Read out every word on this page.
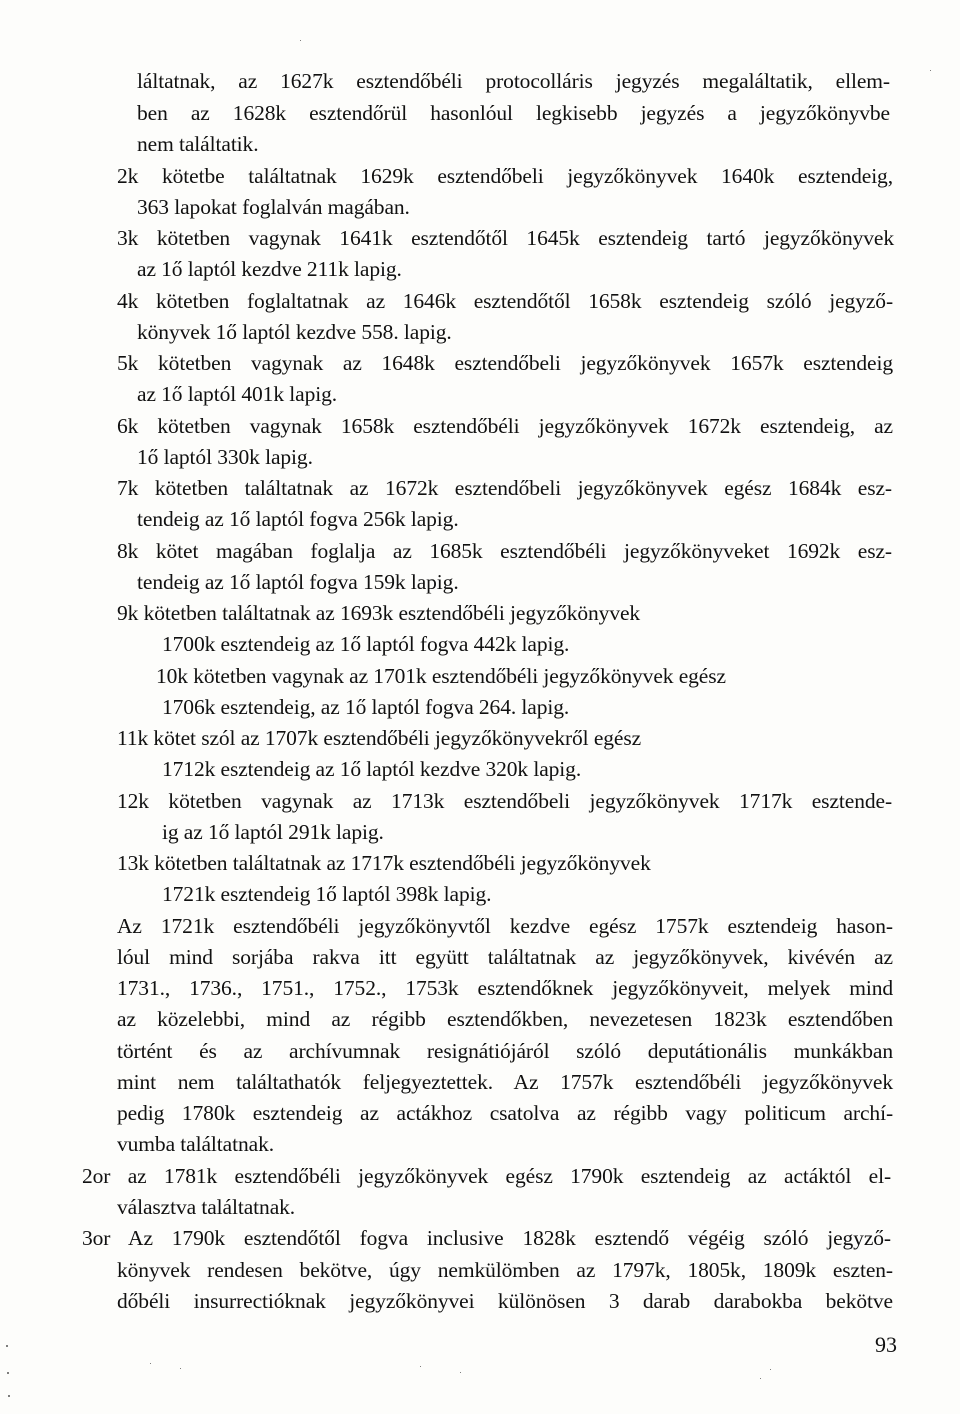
láltatnak, az 1627k esztendőbéli protocolláris jegyzés megaláltatik, ellem-
ben az 1628k esztendőrül hasonlóul legkisebb jegyzés a jegyzőkönyvbe
nem találtatik.
2k kötetbe találtatnak 1629k esztendőbeli jegyzőkönyvek 1640k esztendeig,
363 lapokat foglalván magában.
3k kötetben vagynak 1641k esztendőtől 1645k esztendeig tartó jegyzőkönyvek
az 1ő laptól kezdve 211k lapig.
4k kötetben foglaltatnak az 1646k esztendőtől 1658k esztendeig szóló jegyző-
könyvek 1ő laptól kezdve 558. lapig.
5k kötetben vagynak az 1648k esztendőbeli jegyzőkönyvek 1657k esztendeig
az 1ő laptól 401k lapig.
6k kötetben vagynak 1658k esztendőbéli jegyzőkönyvek 1672k esztendeig, az
1ő laptól 330k lapig.
7k kötetben találtatnak az 1672k esztendőbeli jegyzőkönyvek egész 1684k esz-
tendeig az 1ő laptól fogva 256k lapig.
8k kötet magában foglalja az 1685k esztendőbéli jegyzőkönyveket 1692k esz-
tendeig az 1ő laptól fogva 159k lapig.
9k kötetben találtatnak az 1693k esztendőbéli jegyzőkönyvek
1700k esztendeig az 1ő laptól fogva 442k lapig.
10k kötetben vagynak az 1701k esztendőbéli jegyzőkönyvek egész
1706k esztendeig, az 1ő laptól fogva 264. lapig.
11k kötet szól az 1707k esztendőbéli jegyzőkönyvekről egész
1712k esztendeig az 1ő laptól kezdve 320k lapig.
12k kötetben vagynak az 1713k esztendőbeli jegyzőkönyvek 1717k esztende-
ig az 1ő laptól 291k lapig.
13k kötetben találtatnak az 1717k esztendőbéli jegyzőkönyvek
1721k esztendeig 1ő laptól 398k lapig.
Az 1721k esztendőbéli jegyzőkönyvtől kezdve egész 1757k esztendeig hason-
lóul mind sorjába rakva itt együtt találtatnak az jegyzőkönyvek, kivévén az
1731., 1736., 1751., 1752., 1753k esztendőknek jegyzőkönyveit, melyek mind
az közelebbi, mind az régibb esztendőkben, nevezetesen 1823k esztendőben
történt és az archívumnak resignátiójáról szóló deputátionális munkákban
mint nem találtathatók feljegyeztettek. Az 1757k esztendőbéli jegyzőkönyvek
pedig 1780k esztendeig az actákhoz csatolva az régibb vagy politicum archí-
vumba találtatnak.
2or az 1781k esztendőbéli jegyzőkönyvek egész 1790k esztendeig az actáktól el-
választva találtatnak.
3or Az 1790k esztendőtől fogva inclusive 1828k esztendő végéig szóló jegyző-
könyvek rendesen bekötve, úgy nemkülömben az 1797k, 1805k, 1809k eszten-
dőbéli insurrectióknak jegyzőkönyvei különösen 3 darab darabokba bekötve
93
